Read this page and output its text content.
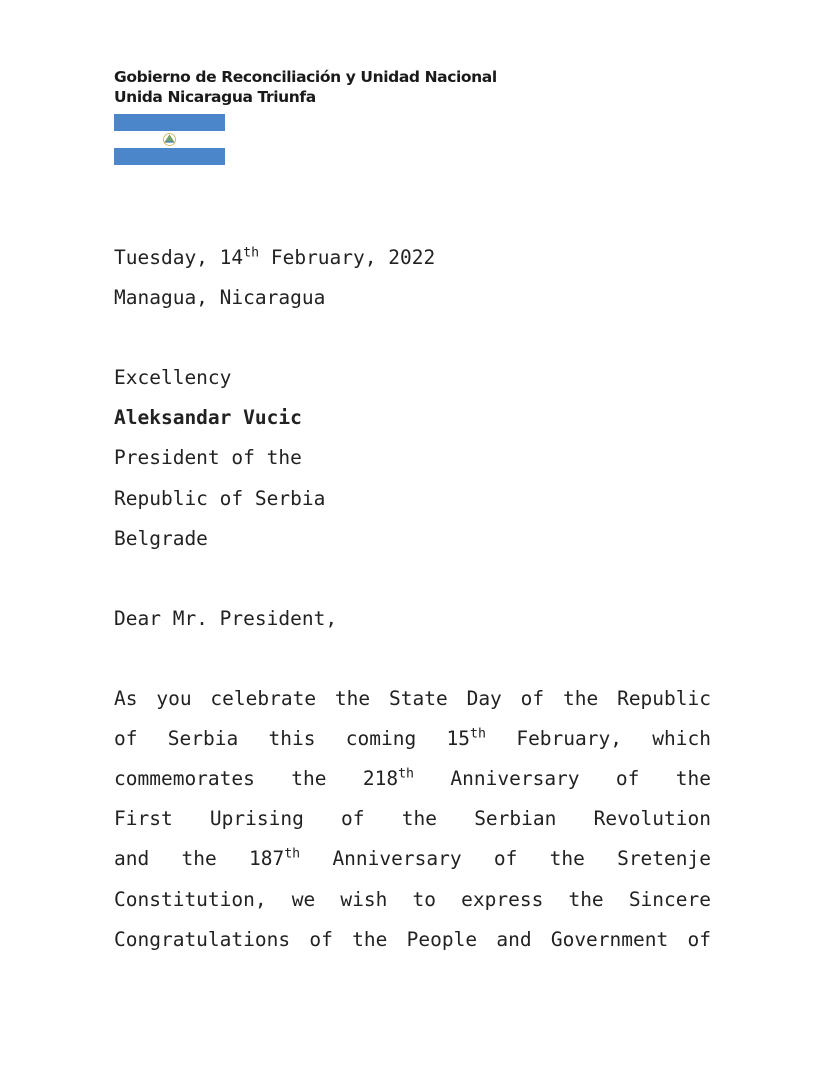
Gobierno de Reconciliación y Unidad Nacional
Unida Nicaragua Triunfa
Tuesday, 14th February, 2022
Managua, Nicaragua
Excellency
Aleksandar Vucic
President of the
Republic of Serbia
Belgrade
Dear Mr. President,
As you celebrate the State Day of the Republic
of Serbia this coming 15th February, which
commemorates the 218th Anniversary of the
First Uprising of the Serbian Revolution
and the 187th Anniversary of the Sretenje
Constitution, we wish to express the Sincere
Congratulations of the People and Government of
